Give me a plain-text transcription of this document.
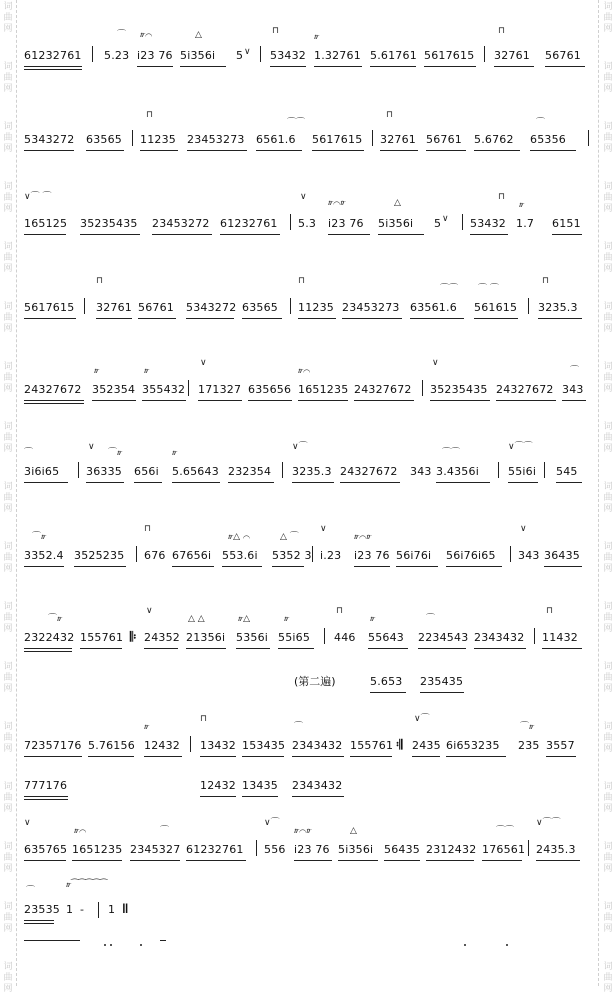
词
曲
网
词
曲
网
词
曲
网
词
曲
网
词
曲
网
词
曲
网
词
曲
网
词
曲
网
词
曲
网
词
曲
网
词
曲
网
词
曲
网
词
曲
网
词
曲
网
词
曲
网
词
曲
网
词
曲
网
词
曲
网
词
曲
网
词
曲
网
词
曲
网
词
曲
网
词
曲
网
词
曲
网
词
曲
网
词
曲
网
词
曲
网
词
曲
网
词
曲
网
词
曲
网
词
曲
网
词
曲
网
词
曲
网
词
曲
网
⌒ 𝆖⌒	△	⊓
𝆖
⊓
61232761 5.23 i23 76 5i356i 5 ∨ 53432 1.32761 5.61761 5617615 32761 56761
⊓
⌒⌒
⊓
⌒
5343272 63565 11235 23453273 6561.6 5617615 32761 56761 5.6762 65356
∨⌒ ⌒	∨
𝆖⌒𝆖	△
⊓
𝆖
165125 35235435 23453272 61232761 5.3 i23 76 5i356i 5 ∨ 53432 1.7 6151
⊓	⊓
⌒⌒ ⌒ ⌒
⊓
5617615 32761 56761 5343272 63565 11235 23453273 63561.6 561615 3235.3
𝆖	𝆖
∨
𝆖⌒
∨
⌒
24327672 352354 355432 171327 635656 1651235 24327672 35235435 24327672 343
⌒
∨
⌒𝆖	𝆖
∨⌒
⌒⌒
∨⌒⌒
3i6i65 36335 656i 5.65643 232354 3235.3 24327672 343 3.4356i	55i6i 545
⌒𝆖
⊓
𝆖△ ⌒	△ ⌒
∨
𝆖⌒𝆖
∨
3352.4 3525235 676 67656i 553.6i 5352 3 i.23 i23 76 56i76i 56i76i65 343 36435
⌒𝆖
∨
△ △	𝆖△	𝆖
⊓
𝆖	⌒
⊓
2322432 155761 𝄆 24352 21356i 5356i 55i65 446 55643 2234543 2343432 11432
(第二遍)	5.653 235435
𝆖
⊓
⌒
∨⌒
⌒𝆖
72357176 5.76156 12432 13432 153435 2343432 155761 𝄇 2435 6i653235 235 3557
777176	12432 13435 2343432
∨
𝆖⌒	⌒
∨⌒
𝆖⌒𝆖	△	⌒⌒
∨⌒⌒
635765 1651235 2345327 61232761 556 i23 76 5i356i 56435 2312432 176561 2435.3
⌒
𝆖⁀⁀⁀⁀⁀
23535 1 - 1 ‖
